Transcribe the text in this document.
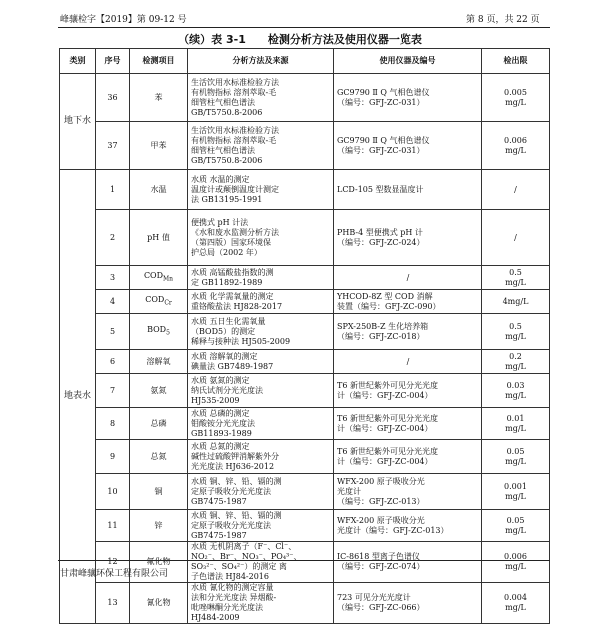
峰骧检字【2019】第 09-12 号	第 8 页，共 22 页
（续）表 3-1　　检测分析方法及使用仪器一览表
类别	序号	检测项目	分析方法及来源	使用仪器及编号	检出限
地下水	36	苯	生活饮用水标准检验方法
有机物指标 溶剂萃取-毛
细管柱气相色谱法
GB/T5750.8-2006	GC9790 Ⅱ Q 气相色谱仪
（编号：GFJ-ZC-031）	0.005
mg/L

	37	甲苯	生活饮用水标准检验方法
有机物指标 溶剂萃取-毛
细管柱气相色谱法
GB/T5750.8-2006	GC9790 Ⅱ Q 气相色谱仪
（编号：GFJ-ZC-031）	0.006
mg/L

地表水	1	水温	水质 水温的测定
温度计或颠倒温度计测定
法 GB13195-1991	LCD-105 型数显温度计	/

	2	pH 值	便携式 pH 计法
《水和废水监测分析方法
（第四版）国家环境保
护总局（2002 年）	PHB-4 型便携式 pH 计
（编号：GFJ-ZC-024）	/

	3	$COD_{Mn}$	水质 高锰酸盐指数的测
定 GB11892-1989	/	0.5
mg/L

	4	$COD_{Cr}$	水质 化学需氧量的测定
重铬酸盐法 HJ828-2017	YHCOD-8Z 型 COD 消解
装置（编号：GFJ-ZC-090）	4mg/L

	5	$BOD_5$	水质 五日生化需氧量
（BOD5）的测定
稀释与接种法 HJ505-2009	SPX-250B-Z 生化培养箱
（编号：GFJ-ZC-018）	0.5
mg/L

	6	溶解氧	水质 溶解氧的测定
碘量法 GB7489-1987	/	0.2
mg/L

	7	氨氮	水质 氨氮的测定
纳氏试剂分光光度法
HJ535-2009	T6 新世纪紫外可见分光光度
计（编号：GFJ-ZC-004）	0.03
mg/L

	8	总磷	水质 总磷的测定
钼酸铵分光光度法
GB11893-1989	T6 新世纪紫外可见分光光度
计（编号：GFJ-ZC-004）	0.01
mg/L

	9	总氮	水质 总氮的测定
碱性过硫酸钾消解紫外分
光光度法 HJ636-2012	T6 新世纪紫外可见分光光度
计（编号：GFJ-ZC-004）	0.05
mg/L

	10	铜	水质 铜、锌、铅、镉的测
定原子吸收分光光度法
GB7475-1987	WFX-200 原子吸收分光
光度计
（编号：GFJ-ZC-013）	0.001
mg/L

	11	锌	水质 铜、锌、铅、镉的测
定原子吸收分光光度法
GB7475-1987	WFX-200 原子吸收分光
光度计（编号：GFJ-ZC-013）	0.05
mg/L

	12	氟化物	水质 无机阴离子（F⁻、Cl⁻、
NO₂⁻、Br⁻、NO₃⁻、PO₄³⁻、
SO₃²⁻、SO₄²⁻）的测定 离
子色谱法 HJ84-2016	IC-8618 型离子色谱仪
（编号：GFJ-ZC-074）	0.006
mg/L

	13	氰化物	水质 氰化物的测定容量
法和分光光度法 异烟酸-
吡唑啉酮分光光度法
HJ484-2009	723 可见分光光度计
（编号：GFJ-ZC-066）	0.004
mg/L
甘肃峰骧环保工程有限公司
